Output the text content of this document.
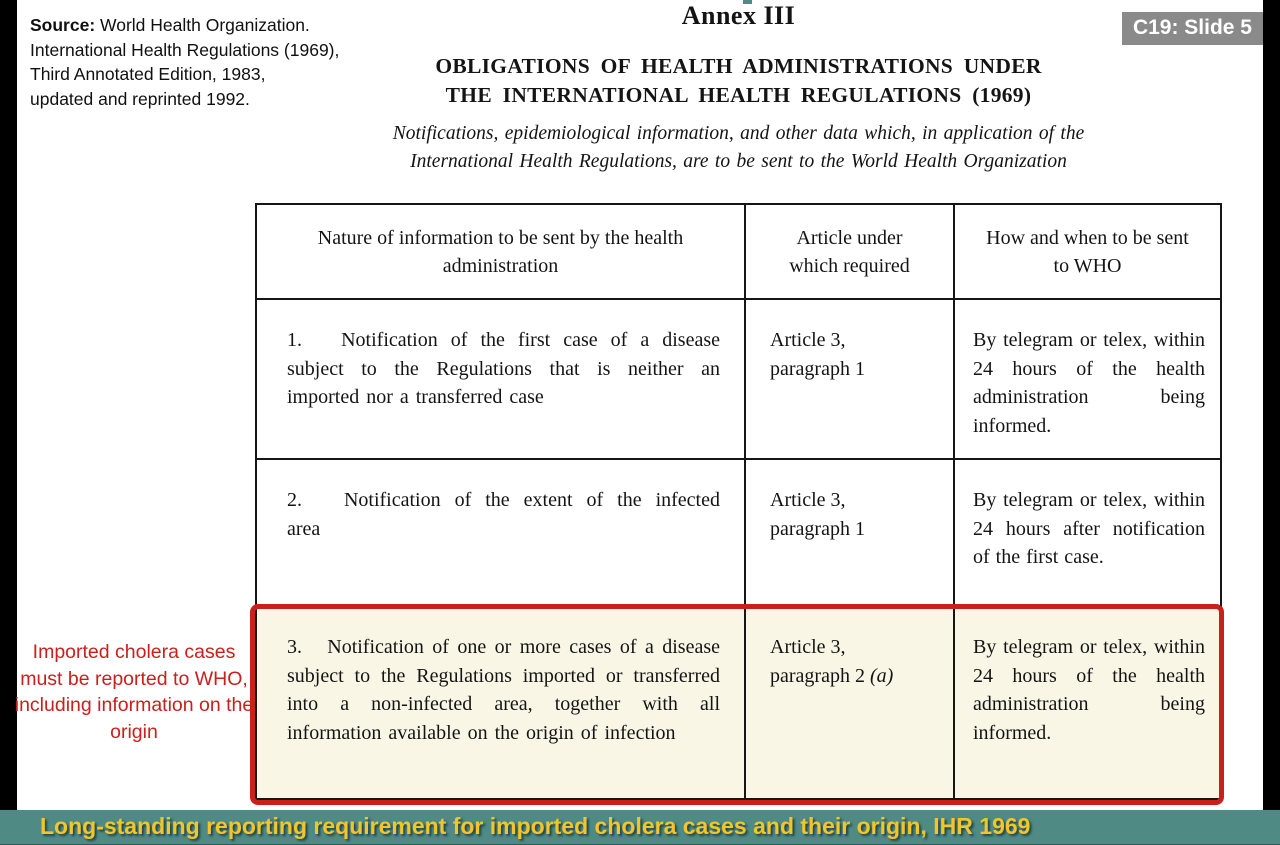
Source: World Health Organization.
International Health Regulations (1969),
Third Annotated Edition, 1983,
updated and reprinted 1992.
C19: Slide 5
Annex III
OBLIGATIONS OF HEALTH ADMINISTRATIONS UNDER
THE INTERNATIONAL HEALTH REGULATIONS (1969)
Notifications, epidemiological information, and other data which, in application of the
International Health Regulations, are to be sent to the World Health Organization
Nature of information to be sent by the health administration
Article under which required
How and when to be sent to WHO
1.   Notification of the first case of a disease subject to the Regulations that is neither an imported nor a transferred case
Article 3,
paragraph 1
By telegram or telex, within 24 hours of the health administration being informed.
2.   Notification of the extent of the infected area
Article 3,
paragraph 1
By telegram or telex, within 24 hours after notification of the first case.
3.   Notification of one or more cases of a disease subject to the Regulations imported or transferred into a non-infected area, together with all information available on the origin of infection
Article 3,
paragraph 2 (a)
By telegram or telex, within 24 hours of the health administration being informed.
Imported cholera cases must be reported to WHO, including information on the origin
Long-standing reporting requirement for imported cholera cases and their origin, IHR 1969
